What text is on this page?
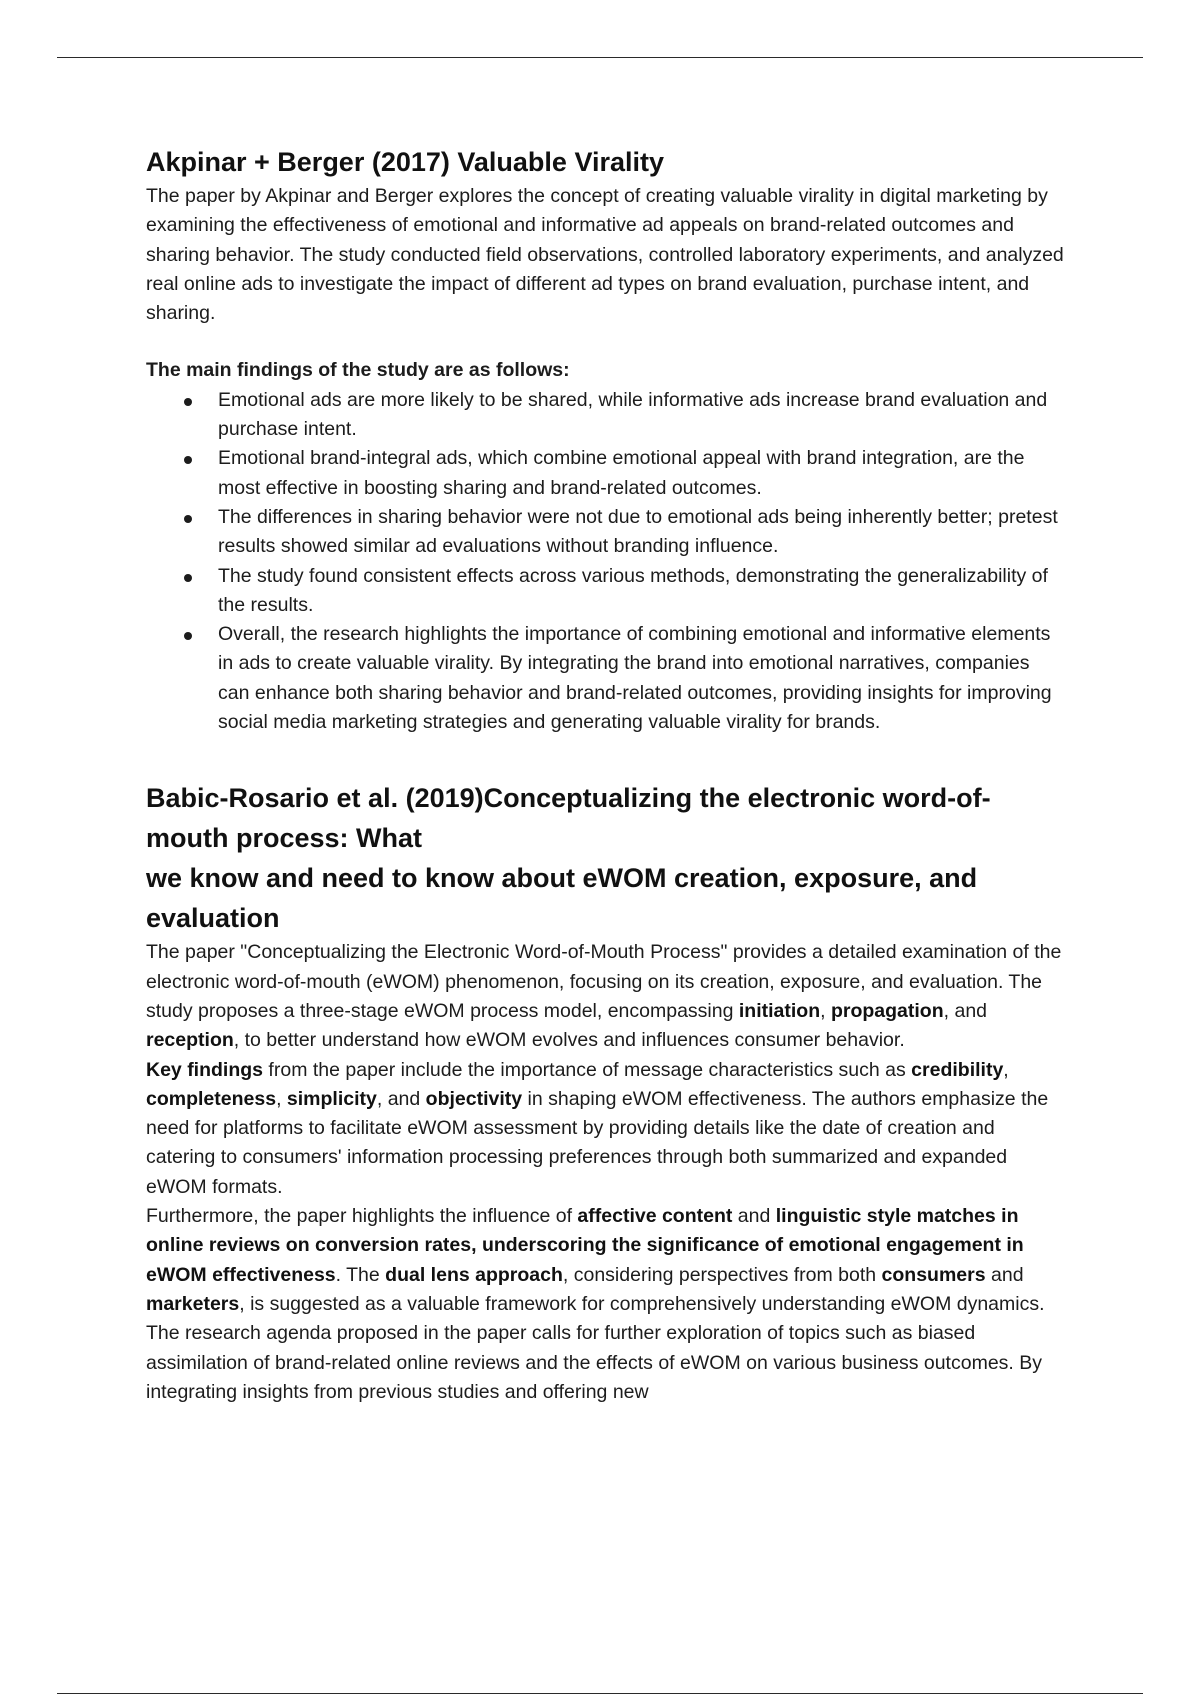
Akpinar + Berger (2017) Valuable Virality

The paper by Akpinar and Berger explores the concept of creating valuable virality in digital marketing by examining the effectiveness of emotional and informative ad appeals on brand-related outcomes and sharing behavior. The study conducted field observations, controlled laboratory experiments, and analyzed real online ads to investigate the impact of different ad types on brand evaluation, purchase intent, and sharing.

The main findings of the study are as follows:

Emotional ads are more likely to be shared, while informative ads increase brand evaluation and purchase intent.
Emotional brand-integral ads, which combine emotional appeal with brand integration, are the most effective in boosting sharing and brand-related outcomes.
The differences in sharing behavior were not due to emotional ads being inherently better; pretest results showed similar ad evaluations without branding influence.
The study found consistent effects across various methods, demonstrating the generalizability of the results.
Overall, the research highlights the importance of combining emotional and informative elements in ads to create valuable virality. By integrating the brand into emotional narratives, companies can enhance both sharing behavior and brand-related outcomes, providing insights for improving social media marketing strategies and generating valuable virality for brands.
Babic-Rosario et al. (2019)Conceptualizing the electronic word-of-mouth process: What
we know and need to know about eWOM creation, exposure, and evaluation

The paper "Conceptualizing the Electronic Word-of-Mouth Process" provides a detailed examination of the electronic word-of-mouth (eWOM) phenomenon, focusing on its creation, exposure, and evaluation. The study proposes a three-stage eWOM process model, encompassing initiation, propagation, and reception, to better understand how eWOM evolves and influences consumer behavior.

Key findings from the paper include the importance of message characteristics such as credibility, completeness, simplicity, and objectivity in shaping eWOM effectiveness. The authors emphasize the need for platforms to facilitate eWOM assessment by providing details like the date of creation and catering to consumers' information processing preferences through both summarized and expanded eWOM formats.

Furthermore, the paper highlights the influence of affective content and linguistic style matches in online reviews on conversion rates, underscoring the significance of emotional engagement in eWOM effectiveness. The dual lens approach, considering perspectives from both consumers and marketers, is suggested as a valuable framework for comprehensively understanding eWOM dynamics.

The research agenda proposed in the paper calls for further exploration of topics such as biased assimilation of brand-related online reviews and the effects of eWOM on various business outcomes. By integrating insights from previous studies and offering new
